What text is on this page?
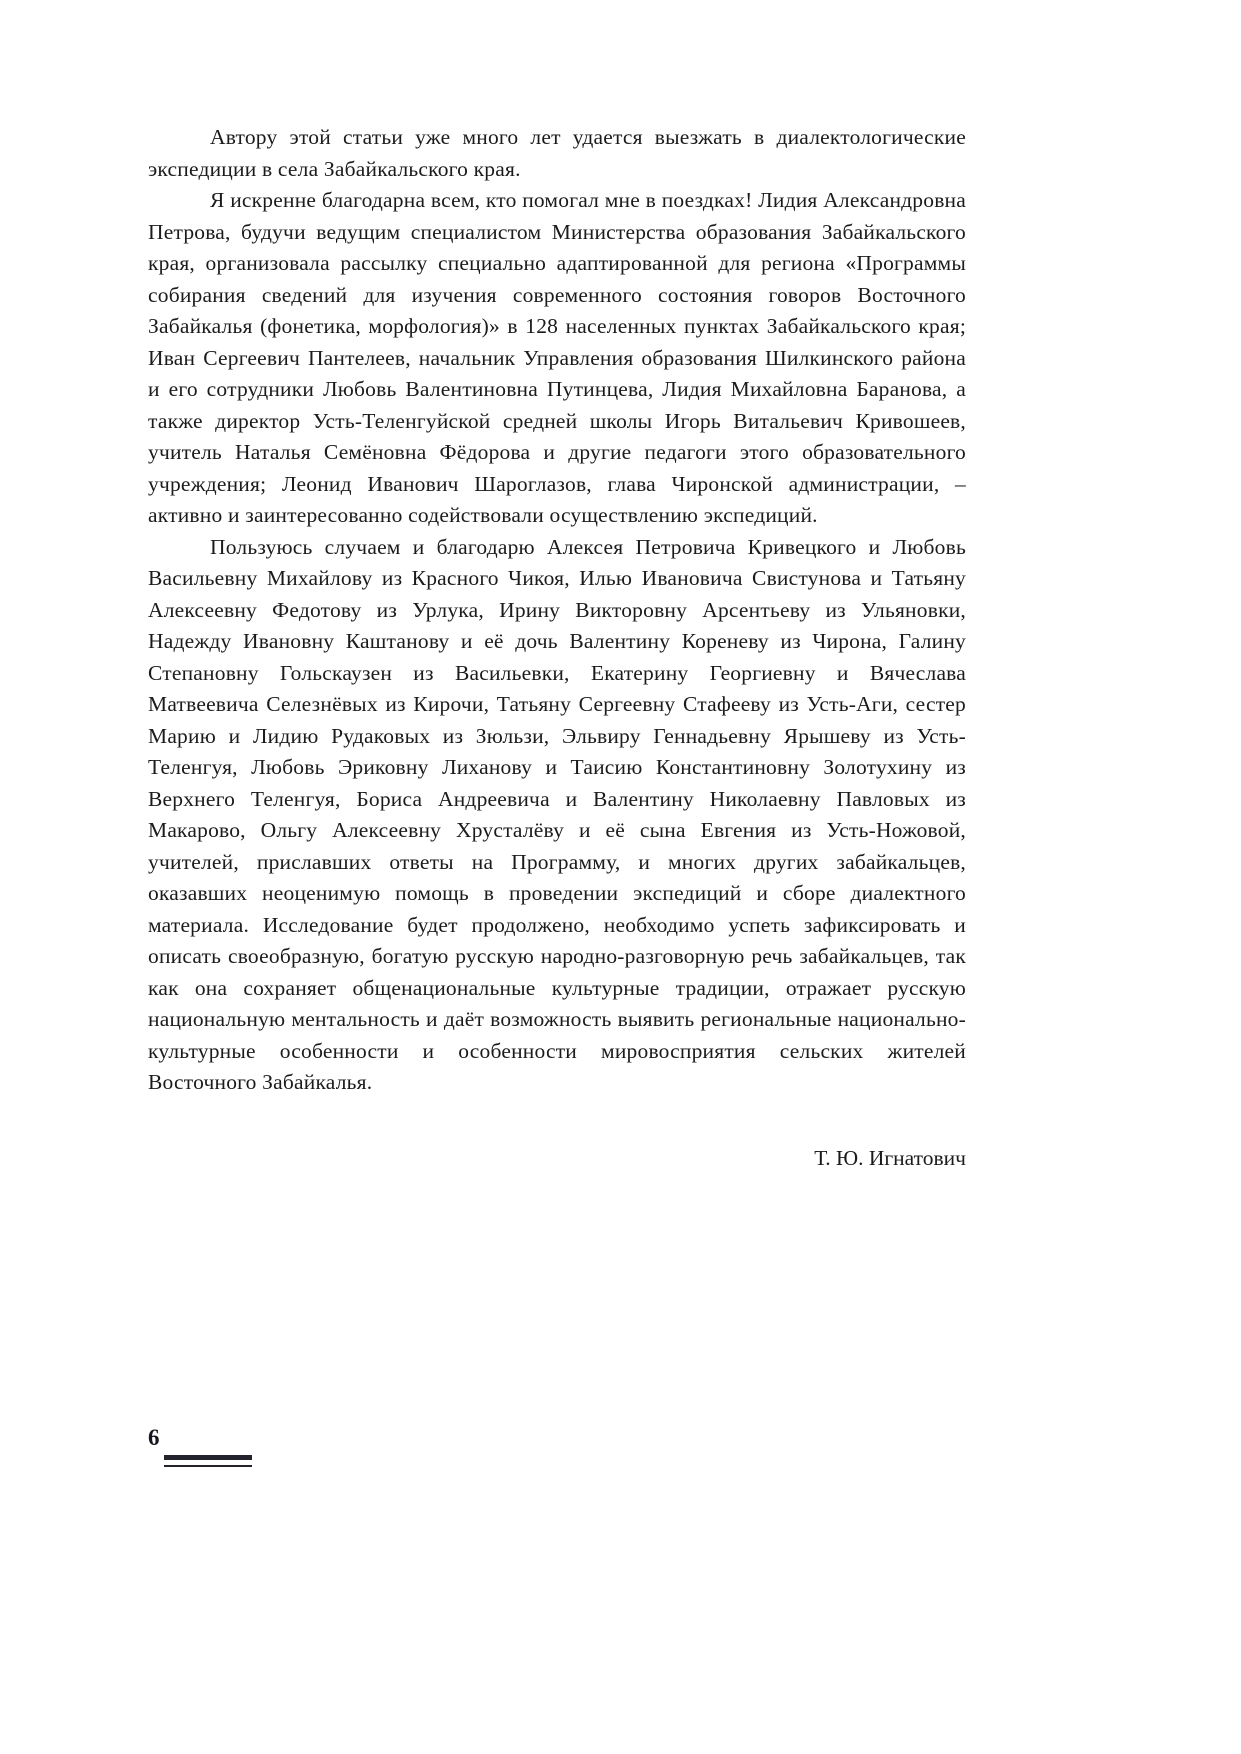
Автору этой статьи уже много лет удается выезжать в диалектологические экспедиции в села Забайкальского края.

Я искренне благодарна всем, кто помогал мне в поездках! Лидия Александровна Петрова, будучи ведущим специалистом Министерства образования Забайкальского края, организовала рассылку специально адаптированной для региона «Программы собирания сведений для изучения современного состояния говоров Восточного Забайкалья (фонетика, морфология)» в 128 населенных пунктах Забайкальского края; Иван Сергеевич Пантелеев, начальник Управления образования Шилкинского района и его сотрудники Любовь Валентиновна Путинцева, Лидия Михайловна Баранова, а также директор Усть-Теленгуйской средней школы Игорь Витальевич Кривошеев, учитель Наталья Семёновна Фёдорова и другие педагоги этого образовательного учреждения; Леонид Иванович Шароглазов, глава Чиронской администрации, – активно и заинтересованно содействовали осуществлению экспедиций.

Пользуюсь случаем и благодарю Алексея Петровича Кривецкого и Любовь Васильевну Михайлову из Красного Чикоя, Илью Ивановича Свистунова и Татьяну Алексеевну Федотову из Урлука, Ирину Викторовну Арсентьеву из Ульяновки, Надежду Ивановну Каштанову и её дочь Валентину Кореневу из Чирона, Галину Степановну Гольскаузен из Васильевки, Екатерину Георгиевну и Вячеслава Матвеевича Селезнёвых из Кирочи, Татьяну Сергеевну Стафееву из Усть-Аги, сестер Марию и Лидию Рудаковых из Зюльзи, Эльвиру Геннадьевну Ярышеву из Усть-Теленгуя, Любовь Эриковну Лиханову и Таисию Константиновну Золотухину из Верхнего Теленгуя, Бориса Андреевича и Валентину Николаевну Павловых из Макарово, Ольгу Алексеевну Хрусталёву и её сына Евгения из Усть-Ножовой, учителей, приславших ответы на Программу, и многих других забайкальцев, оказавших неоценимую помощь в проведении экспедиций и сборе диалектного материала. Исследование будет продолжено, необходимо успеть зафиксировать и описать своеобразную, богатую русскую народно-разговорную речь забайкальцев, так как она сохраняет общенациональные культурные традиции, отражает русскую национальную ментальность и даёт возможность выявить региональные национально-культурные особенности и особенности мировосприятия сельских жителей Восточного Забайкалья.

Т. Ю. Игнатович

6
